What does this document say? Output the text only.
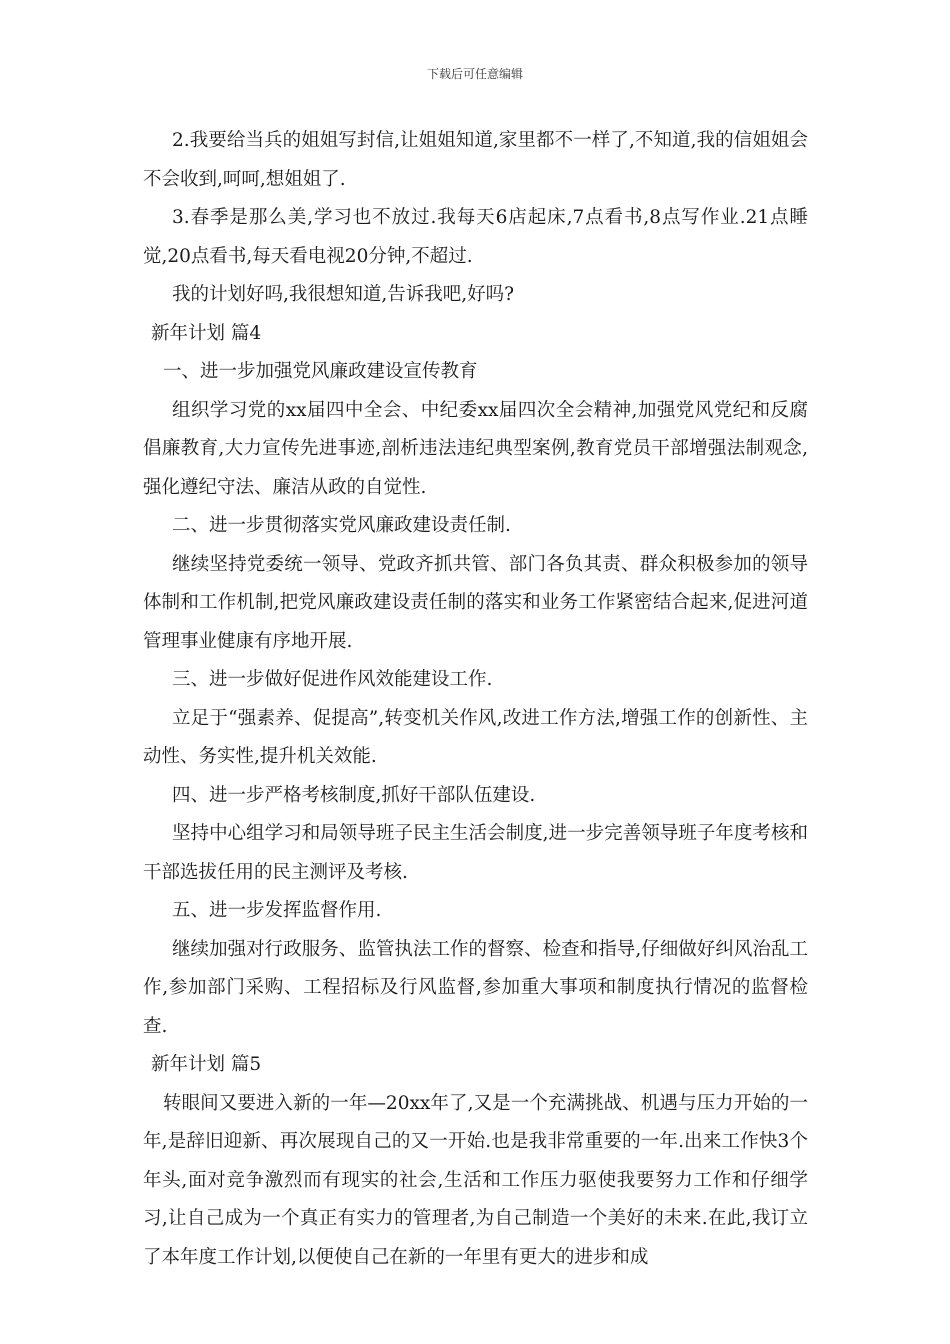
下载后可任意编辑

2.我要给当兵的姐姐写封信,让姐姐知道,家里都不一样了,不知道,我的信姐姐会不会收到,呵呵,想姐姐了.

3.春季是那么美,学习也不放过.我每天6店起床,7点看书,8点写作业.21点睡觉,20点看书,每天看电视20分钟,不超过.

我的计划好吗,我很想知道,告诉我吧,好吗?

新年计划 篇4

一、进一步加强党风廉政建设宣传教育

组织学习党的xx届四中全会、中纪委xx届四次全会精神,加强党风党纪和反腐倡廉教育,大力宣传先进事迹,剖析违法违纪典型案例,教育党员干部增强法制观念,强化遵纪守法、廉洁从政的自觉性.

二、进一步贯彻落实党风廉政建设责任制.

继续坚持党委统一领导、党政齐抓共管、部门各负其责、群众积极参加的领导体制和工作机制,把党风廉政建设责任制的落实和业务工作紧密结合起来,促进河道管理事业健康有序地开展.

三、进一步做好促进作风效能建设工作.

立足于“强素养、促提高”,转变机关作风,改进工作方法,增强工作的创新性、主动性、务实性,提升机关效能.

四、进一步严格考核制度,抓好干部队伍建设.

坚持中心组学习和局领导班子民主生活会制度,进一步完善领导班子年度考核和干部选拔任用的民主测评及考核.

五、进一步发挥监督作用.

继续加强对行政服务、监管执法工作的督察、检查和指导,仔细做好纠风治乱工作,参加部门采购、工程招标及行风监督,参加重大事项和制度执行情况的监督检查.

新年计划 篇5

转眼间又要进入新的一年—20xx年了,又是一个充满挑战、机遇与压力开始的一年,是辞旧迎新、再次展现自己的又一开始.也是我非常重要的一年.出来工作快3个年头,面对竞争激烈而有现实的社会,生活和工作压力驱使我要努力工作和仔细学习,让自己成为一个真正有实力的管理者,为自己制造一个美好的未来.在此,我订立了本年度工作计划,以便使自己在新的一年里有更大的进步和成
